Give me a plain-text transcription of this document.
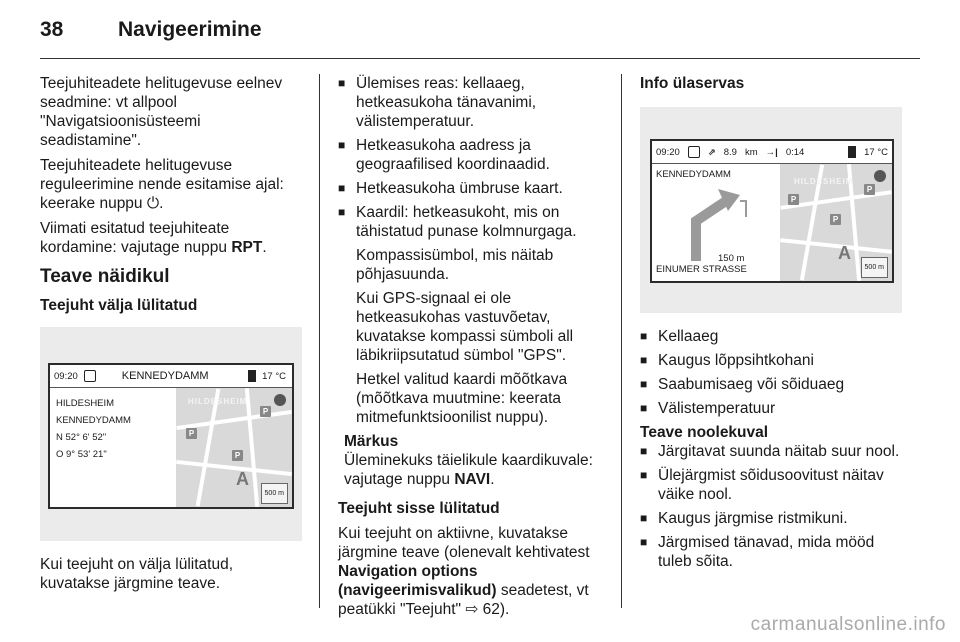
38	Navigeerimine

Teejuhiteadete helitugevuse eelnev seadmine: vt allpool "Navigatsioonisüsteemi seadistamine".

Teejuhiteadete helitugevuse reguleerimine nende esitamise ajal: keerake nuppu ⏻.

Viimati esitatud teejuhiteate kordamine: vajutage nuppu RPT.

Teave näidikul
Teejuht välja lülitatud
09:20	KENNEDYDAMM	17 °C
HILDESHEIM
KENNEDYDAMM
N 52° 6' 52"
O 9° 53' 21"
HILDESHEIM
P
P
P
A
500 m

Kui teejuht on välja lülitatud, kuvatakse järgmine teave.

■ Ülemises reas: kellaaeg, hetkeasukoha tänavanimi, välistemperatuur.
■ Hetkeasukoha aadress ja geograafilised koordinaadid.
■ Hetkeasukoha ümbruse kaart.
■ Kaardil: hetkeasukoht, mis on tähistatud punase kolmnurgaga.
Kompassisümbol, mis näitab põhjasuunda.
Kui GPS-signaal ei ole hetkeasukohas vastuvõetav, kuvatakse kompassi sümboli all läbikriipsutatud sümbol "GPS".
Hetkel valitud kaardi mõõtkava (mõõtkava muutmine: keerata mitmefunktsioonilist nuppu).
Märkus
Üleminekuks täielikule kaardikuvale: vajutage nuppu NAVI.
Teejuht sisse lülitatud

Kui teejuht on aktiivne, kuvatakse järgmine teave (olenevalt kehtivatest Navigation options (navigeerimisvalikud) seadetest, vt peatükki "Teejuht" ⇨ 62).

Info ülaservas
09:20	⇗ 8.9 km →| 0:14	17 °C
KENNEDYDAMM
150 m
EINUMER STRASSE
HILDESHEIM
P
P
P
A
500 m
■ Kellaaeg
■ Kaugus lõppsihtkohani
■ Saabumisaeg või sõiduaeg
■ Välistemperatuur
Teave noolekuval
■ Järgitavat suunda näitab suur nool.
■ Ülejärgmist sõidusoovitust näitav väike nool.
■ Kaugus järgmise ristmikuni.
■ Järgmised tänavad, mida mööd tuleb sõita.
carmanualsonline.info
